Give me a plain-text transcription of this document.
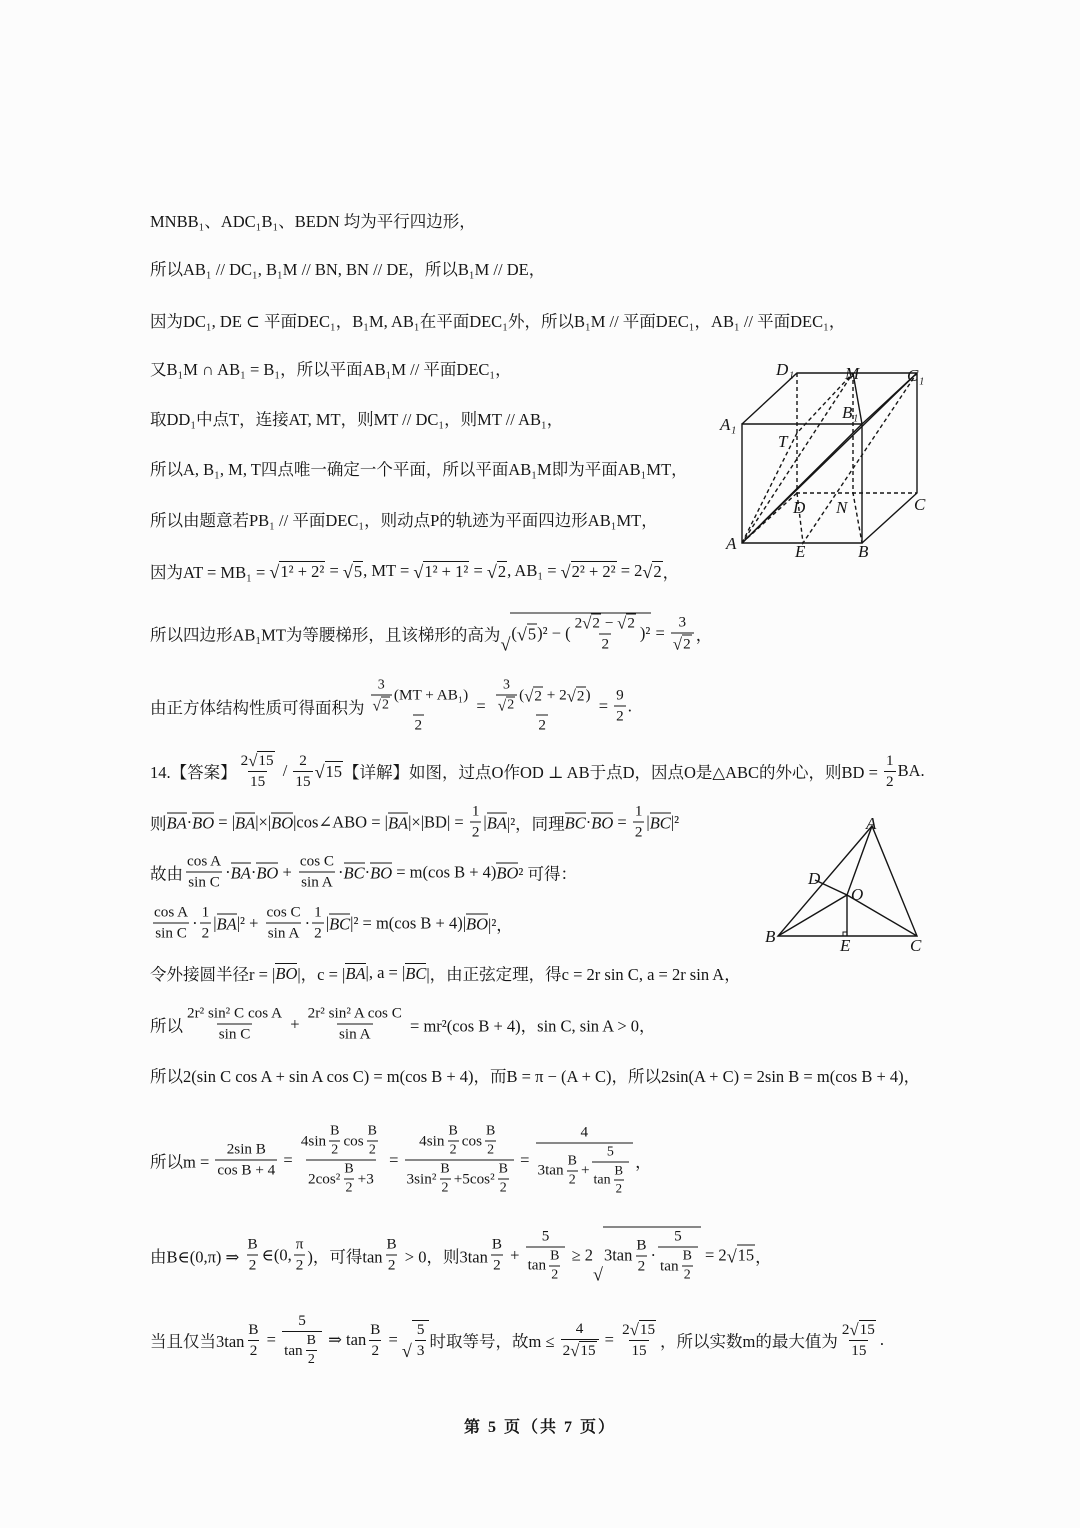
MNBB₁、ADC₁B₁、BEDN 均为平行四边形，
所以AB₁ // DC₁, B₁M // BN, BN // DE，所以B₁M // DE，
因为DC₁, DE ⊂ 平面DEC₁，B₁M, AB₁在平面DEC₁外，所以B₁M // 平面DEC₁，AB₁ // 平面DEC₁，
又B₁M ∩ AB₁ = B₁，所以平面AB₁M // 平面DEC₁，
取DD₁中点T，连接AT, MT，则MT // DC₁，则MT // AB₁，
所以A, B₁, M, T四点唯一确定一个平面，所以平面AB₁M即为平面AB₁MT，
所以由题意若PB₁ // 平面DEC₁，则动点P的轨迹为平面四边形AB₁MT，
因为AT = MB₁ = √ 1² + 2² = √ 5 , MT = √ 1² + 1² = √ 2 , AB₁ = √ 2² + 2² = 2 √ 2 ，
所以四边形AB₁MT为等腰梯形，且该梯形的高为 √
( √ 5 )² − ( $\frac{2 √ 2 - √ 2}{2} )^2 = \frac{3}{√ 2}$ ，
由正方体结构性质可得面积为 $\frac{\frac{3}{√ 2} (MT + AB_1)}{2} = \frac{\frac{3}{√ 2} ( √ 2 + 2 √ 2 )}{2} = \frac{9}{2}$ .
14.【答案】 $\frac{2 √ 15}{15} / \frac{2}{15}$ √ 15 【详解】如图，过点O作OD ⊥ AB于点D，因点O是△ABC的外心，则BD = $\frac{1}{2}$ BA.
则 BA · BO = | BA |×| BO |cos∠ABO = | BA $|\times|BD| = \frac{1}{2}$ | BA |²，同理 BC · BO = $\frac{1}{2}$ | BC |²
故由 $\frac{\text{cos A}}{\text{sin C}}$ · BA · BO + $\frac{\text{cos C}}{\text{sin A}}$ · BC · BO = m(cos B + 4) BO ² 可得：
$\frac{\text{cos A}}{\text{sin C}} \cdot \frac{1}{2}$ | BA $|^2 + \frac{\text{cos C}}{\text{sin A}} \cdot \frac{1}{2}$ | BC |² = m(cos B + 4)| BO |²，
令外接圆半径r = | BO |，c = | BA |, a = | BC |，由正弦定理，得c = 2r sin C, a = 2r sin A，
所以 $\frac{\text{2r² sin² C cos A}}{\text{sin C}} + \frac{\text{2r² sin² A cos C}}{\text{sin A}} = mr^2(\cos$ B + 4)，sin C, sin A > 0，
所以2(sin C cos A + sin A cos C) = m(cos B + 4)，而B = π − (A + C)，所以2sin(A + C) = 2sin B = m(cos B + 4)，
所以$m = \frac{\text{2sin B}}{\text{cos B + 4}} = \frac{4\sin \frac{B}{2} \cos \frac{B}{2}}{2\cos^2 \frac{B}{2} +3} = \frac{4\sin \frac{B}{2} \cos \frac{B}{2}}{3\sin^2 \frac{B}{2} +5\cos^2 \frac{B}{2}} = \frac{4}{3\tan \frac{B}{2} + \frac{5}{\tan \frac{B}{2}}}$ ，
由B∈(0,π) ⇒ $\frac{B}{2}$ ∈(0, $\frac{\pi}{2}$ )，可得$\tan \frac{B}{2} > 0$，则$3\tan \frac{B}{2} + \frac{5}{\tan \frac{B}{2}} \ge 2$
√
$3\tan \frac{B}{2} \cdot \frac{5}{\tan \frac{B}{2}} = 2$ √ 15 ，
当且仅当$3\tan \frac{B}{2} = \frac{5}{\tan \frac{B}{2}}$ ⇒ $\tan \frac{B}{2}$ =
√ $\frac{5}{3}$ 时取等号，故$m \le \frac{4}{2 √ 15} = \frac{2 √ 15}{15}$ ，所以实数m的最大值为 $\frac{2 √ 15}{15}$ .
D₁	M	C₁
A₁
B₁
T
D N	C
A	E	B
A
D
O
B	E	C
第 5 页（共 7 页）
